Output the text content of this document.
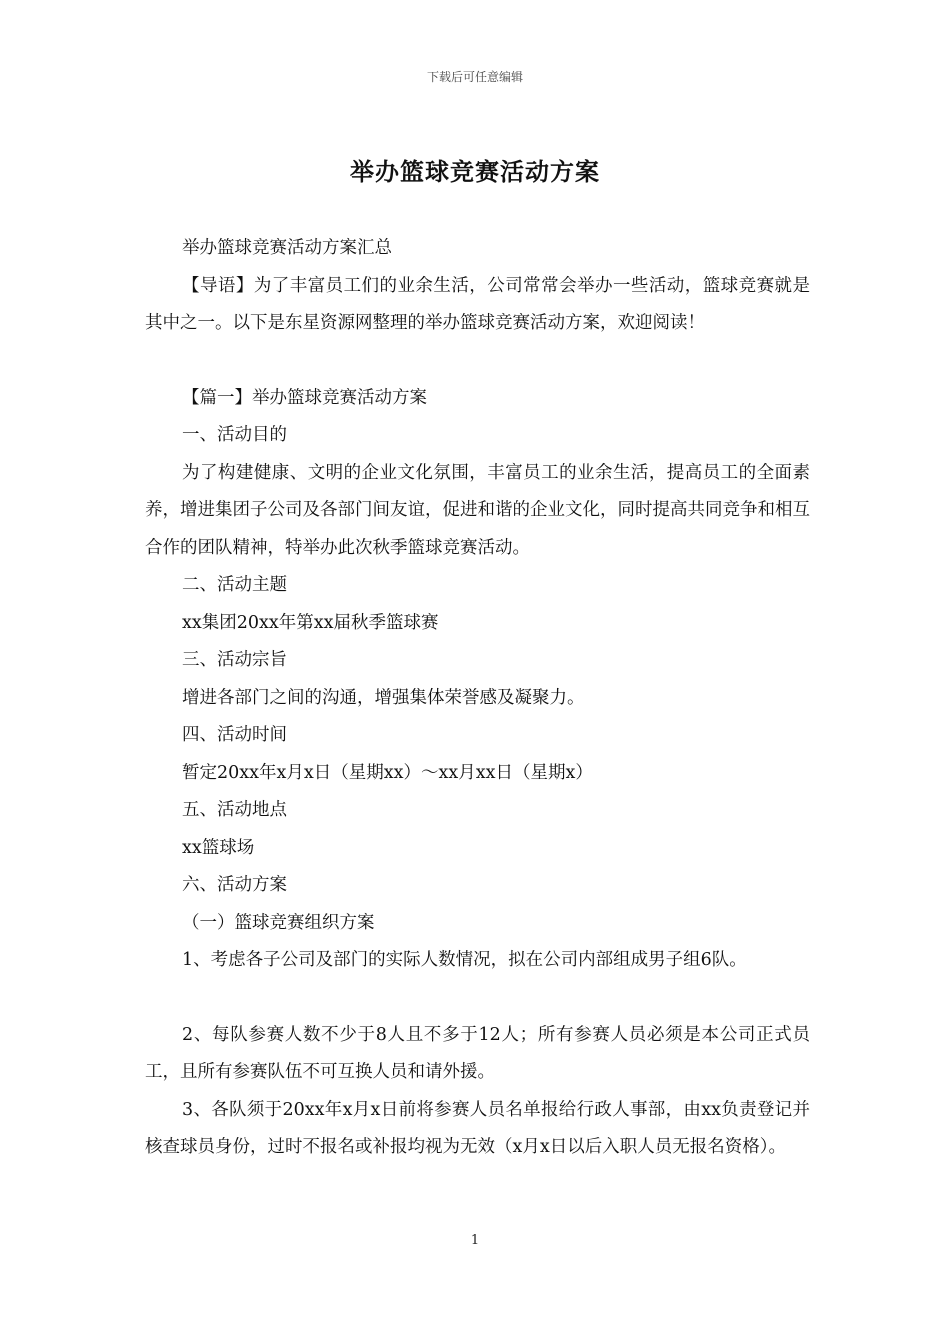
下载后可任意编辑
举办篮球竞赛活动方案

举办篮球竞赛活动方案汇总

【导语】为了丰富员工们的业余生活，公司常常会举办一些活动，篮球竞赛就是其中之一。以下是东星资源网整理的举办篮球竞赛活动方案，欢迎阅读！

【篇一】举办篮球竞赛活动方案

一、活动目的

为了构建健康、文明的企业文化氛围，丰富员工的业余生活，提高员工的全面素养，增进集团子公司及各部门间友谊，促进和谐的企业文化，同时提高共同竞争和相互合作的团队精神，特举办此次秋季篮球竞赛活动。

二、活动主题

xx集团20xx年第xx届秋季篮球赛

三、活动宗旨

增进各部门之间的沟通，增强集体荣誉感及凝聚力。

四、活动时间

暂定20xx年x月x日（星期xx）～xx月xx日（星期x）

五、活动地点

xx篮球场

六、活动方案

（一）篮球竞赛组织方案

1、考虑各子公司及部门的实际人数情况，拟在公司内部组成男子组6队。

2、每队参赛人数不少于8人且不多于12人；所有参赛人员必须是本公司正式员工，且所有参赛队伍不可互换人员和请外援。

3、各队须于20xx年x月x日前将参赛人员名单报给行政人事部，由xx负责登记并核查球员身份，过时不报名或补报均视为无效（x月x日以后入职人员无报名资格）。

1
